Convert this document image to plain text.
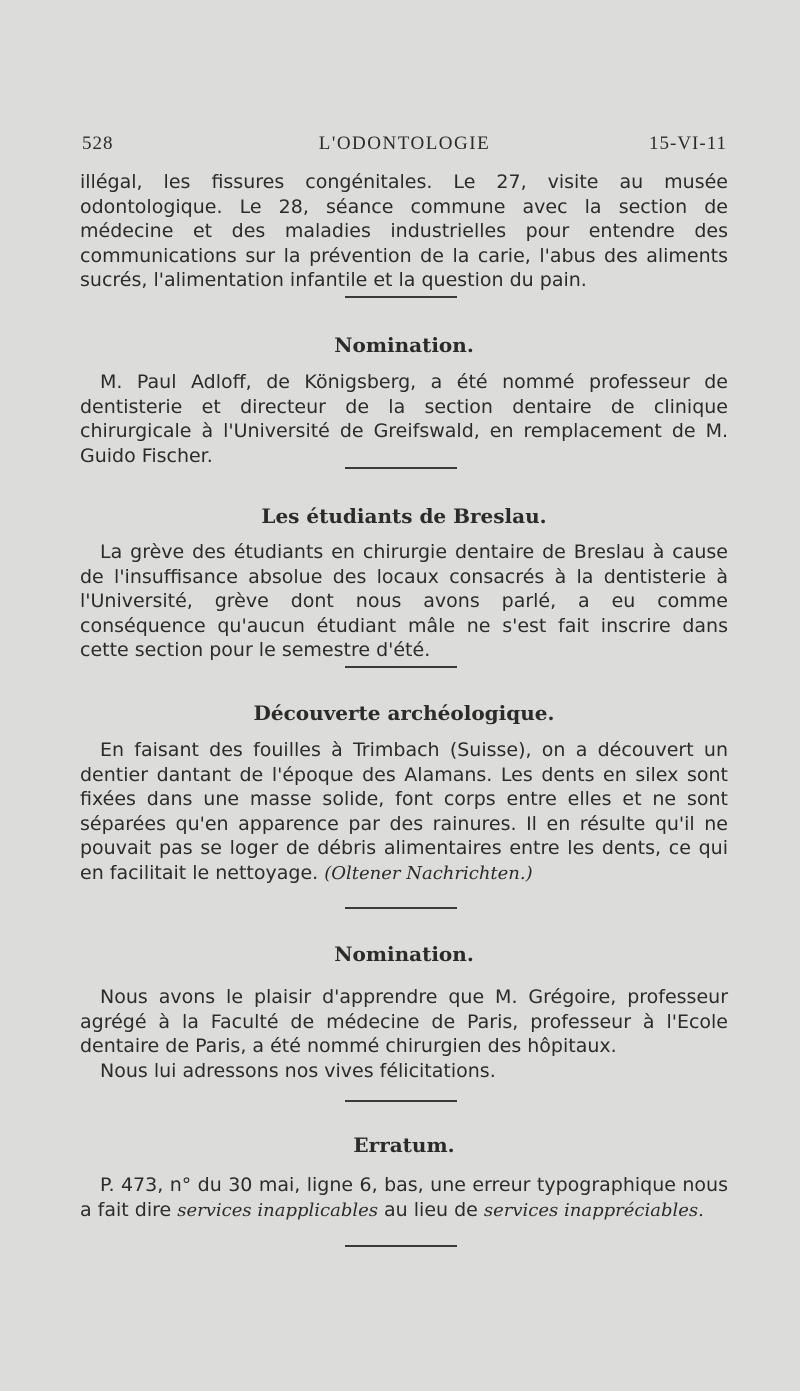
528	L'ODONTOLOGIE	15-VI-11

illégal, les fissures congénitales. Le 27, visite au musée odontologique. Le 28, séance commune avec la section de médecine et des maladies industrielles pour entendre des communications sur la prévention de la carie, l'abus des aliments sucrés, l'alimentation infantile et la question du pain.

Nomination.

M. Paul Adloff, de Königsberg, a été nommé professeur de dentisterie et directeur de la section dentaire de clinique chirurgicale à l'Université de Greifswald, en remplacement de M. Guido Fischer.

Les étudiants de Breslau.

La grève des étudiants en chirurgie dentaire de Breslau à cause de l'insuffisance absolue des locaux consacrés à la dentisterie à l'Université, grève dont nous avons parlé, a eu comme conséquence qu'aucun étudiant mâle ne s'est fait inscrire dans cette section pour le semestre d'été.

Découverte archéologique.

En faisant des fouilles à Trimbach (Suisse), on a découvert un dentier dantant de l'époque des Alamans. Les dents en silex sont fixées dans une masse solide, font corps entre elles et ne sont séparées qu'en apparence par des rainures. Il en résulte qu'il ne pouvait pas se loger de débris alimentaires entre les dents, ce qui en facilitait le nettoyage. (Oltener Nachrichten.)

Nomination.

Nous avons le plaisir d'apprendre que M. Grégoire, professeur agrégé à la Faculté de médecine de Paris, professeur à l'Ecole dentaire de Paris, a été nommé chirurgien des hôpitaux.

Nous lui adressons nos vives félicitations.

Erratum.

P. 473, n° du 30 mai, ligne 6, bas, une erreur typographique nous a fait dire services inapplicables au lieu de services inappréciables.
